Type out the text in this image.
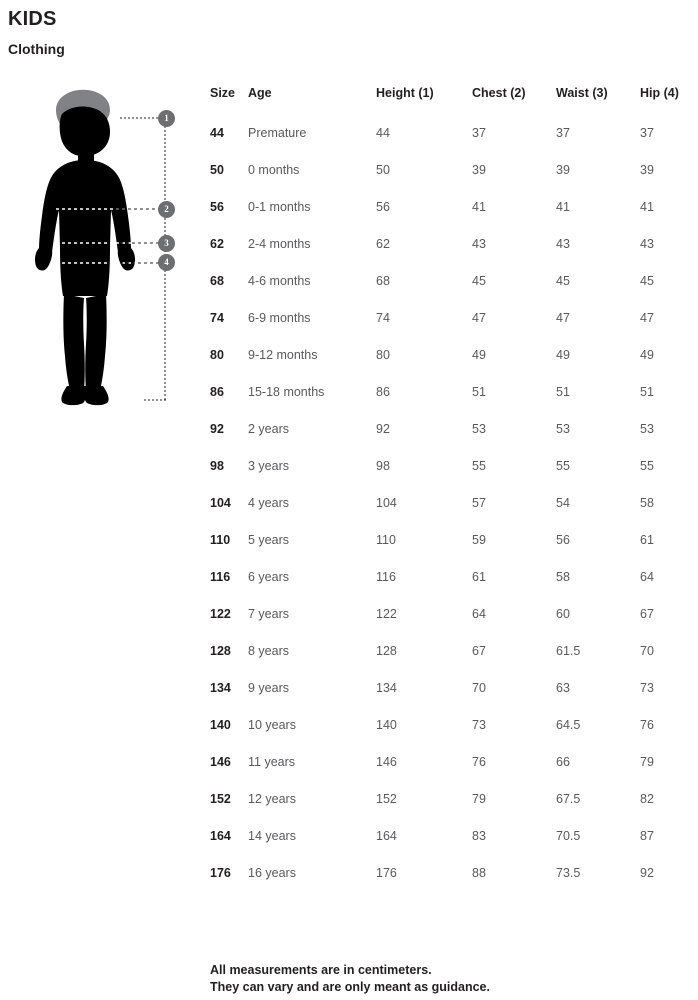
KIDS
Clothing
1
2
3
4
Size	Age	Height (1)	Chest (2)	Waist (3)	Hip (4)
44	Premature	44	37	37	37
50	0 months	50	39	39	39
56	0-1 months	56	41	41	41
62	2-4 months	62	43	43	43
68	4-6 months	68	45	45	45
74	6-9 months	74	47	47	47
80	9-12 months	80	49	49	49
86	15-18 months	86	51	51	51
92	2 years	92	53	53	53
98	3 years	98	55	55	55
104	4 years	104	57	54	58
110	5 years	110	59	56	61
116	6 years	116	61	58	64
122	7 years	122	64	60	67
128	8 years	128	67	61.5	70
134	9 years	134	70	63	73
140	10 years	140	73	64.5	76
146	11 years	146	76	66	79
152	12 years	152	79	67.5	82
164	14 years	164	83	70.5	87
176	16 years	176	88	73.5	92
All measurements are in centimeters.
They can vary and are only meant as guidance.
